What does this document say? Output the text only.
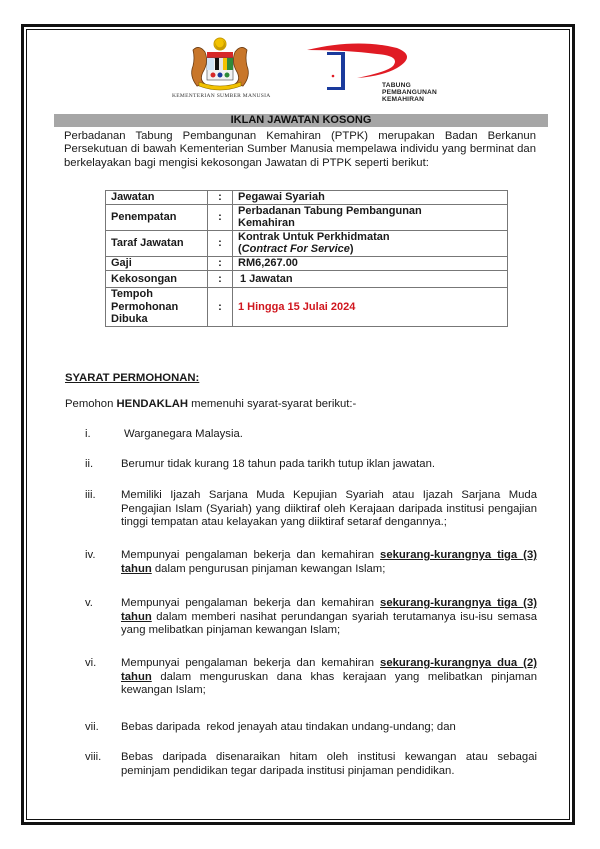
KEMENTERIAN SUMBER MANUSIA
TABUNG
PEMBANGUNAN
KEMAHIRAN
IKLAN JAWATAN KOSONG
Perbadanan Tabung Pembangunan Kemahiran (PTPK) merupakan Badan Berkanun Persekutuan di bawah Kementerian Sumber Manusia mempelawa individu yang berminat dan berkelayakan bagi mengisi kekosongan Jawatan di PTPK seperti berikut:
Jawatan	:	Pegawai Syariah
Penempatan	:	Perbadanan Tabung Pembangunan Kemahiran
Taraf Jawatan	:	Kontrak Untuk Perkhidmatan
(Contract For Service)
Gaji	:	RM6,267.00
Kekosongan	:	1 Jawatan
Tempoh Permohonan Dibuka	:	1 Hingga 15 Julai 2024
SYARAT PERMOHONAN:
Pemohon HENDAKLAH memenuhi syarat-syarat berikut:-
i.	Warganegara Malaysia.
ii. Berumur tidak kurang 18 tahun pada tarikh tutup iklan jawatan.
iii. Memiliki Ijazah Sarjana Muda Kepujian Syariah atau Ijazah Sarjana Muda Pengajian Islam (Syariah) yang diiktiraf oleh Kerajaan daripada institusi pengajian tinggi tempatan atau kelayakan yang diiktiraf setaraf dengannya.;
iv. Mempunyai pengalaman bekerja dan kemahiran sekurang-kurangnya tiga (3) tahun dalam pengurusan pinjaman kewangan Islam;
v. Mempunyai pengalaman bekerja dan kemahiran sekurang-kurangnya tiga (3) tahun dalam memberi nasihat perundangan syariah terutamanya isu-isu semasa yang melibatkan pinjaman kewangan Islam;
vi. Mempunyai pengalaman bekerja dan kemahiran sekurang-kurangnya dua (2) tahun dalam menguruskan dana khas kerajaan yang melibatkan pinjaman kewangan Islam;
vii. Bebas daripada  rekod jenayah atau tindakan undang-undang; dan
viii. Bebas daripada disenaraikan hitam oleh institusi kewangan atau sebagai peminjam pendidikan tegar daripada institusi pinjaman pendidikan.
